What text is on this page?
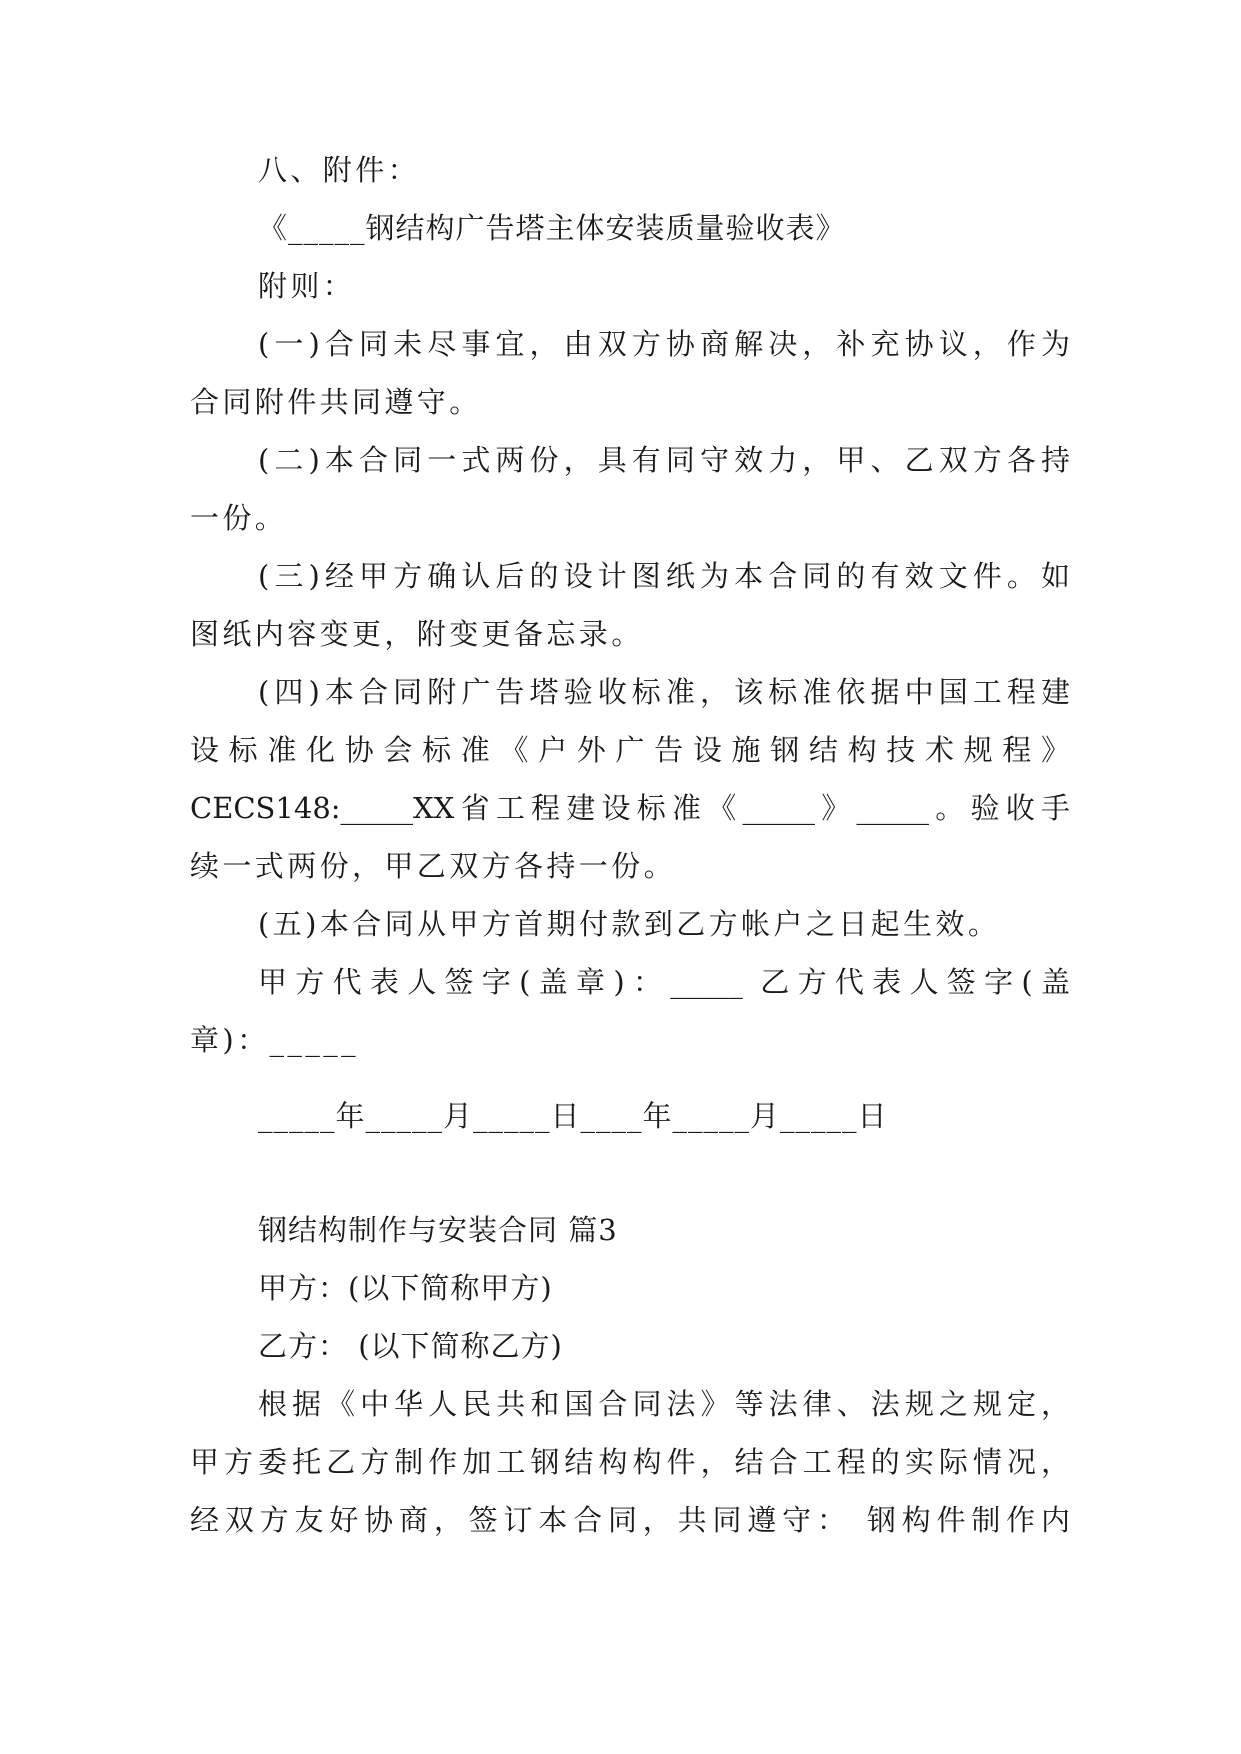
八、附件：
《_____钢结构广告塔主体安装质量验收表》
附则：
(一)合同未尽事宜，由双方协商解决，补充协议，作为
合同附件共同遵守。
(二)本合同一式两份，具有同守效力，甲、乙双方各持
一份。
(三)经甲方确认后的设计图纸为本合同的有效文件。如
图纸内容变更，附变更备忘录。
(四)本合同附广告塔验收标准，该标准依据中国工程建
设标准化协会标准《户外广告设施钢结构技术规程》
CECS148:_____XX省工程建设标准《_____》_____。验收手
续一式两份，甲乙双方各持一份。
(五)本合同从甲方首期付款到乙方帐户之日起生效。
甲方代表人签字(盖章)：_____ 乙方代表人签字(盖
章)：_____
_____年_____月_____日____年_____月_____日
钢结构制作与安装合同 篇3
甲方：(以下简称甲方)
乙方： (以下简称乙方)
根据《中华人民共和国合同法》等法律、法规之规定，
甲方委托乙方制作加工钢结构构件，结合工程的实际情况，
经双方友好协商，签订本合同，共同遵守： 钢构件制作内
